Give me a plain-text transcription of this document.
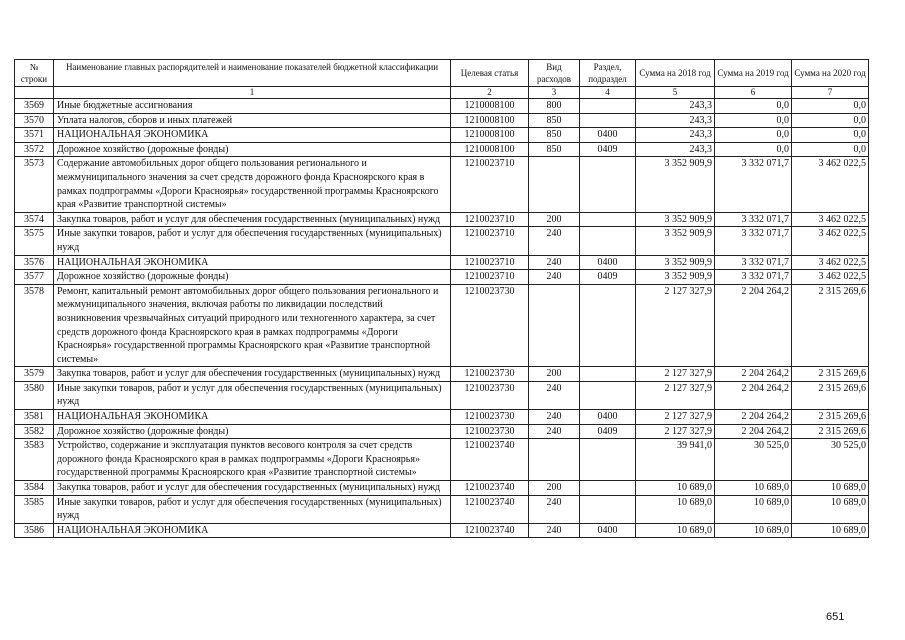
№ строки	Наименование главных распорядителей и наименование показателей бюджетной классификации	Целевая статья	Вид расходов	Раздел, подраздел	Сумма на 2018 год	Сумма на 2019 год	Сумма на 2020 год
	1	2	3	4	5	6	7
3569	Иные бюджетные ассигнования	1210008100	800		243,3	0,0	0,0
3570	Уплата налогов, сборов и иных платежей	1210008100	850		243,3	0,0	0,0
3571	НАЦИОНАЛЬНАЯ ЭКОНОМИКА	1210008100	850	0400	243,3	0,0	0,0
3572	Дорожное хозяйство (дорожные фонды)	1210008100	850	0409	243,3	0,0	0,0
3573	Содержание автомобильных дорог общего пользования регионального и межмуниципального значения за счет средств дорожного фонда Красноярского края в рамках подпрограммы «Дороги Красноярья» государственной программы Красноярского края «Развитие транспортной системы»	1210023710			3 352 909,9	3 332 071,7	3 462 022,5
3574	Закупка товаров, работ и услуг для обеспечения государственных (муниципальных) нужд	1210023710	200		3 352 909,9	3 332 071,7	3 462 022,5
3575	Иные закупки товаров, работ и услуг для обеспечения государственных (муниципальных) нужд	1210023710	240		3 352 909,9	3 332 071,7	3 462 022,5
3576	НАЦИОНАЛЬНАЯ ЭКОНОМИКА	1210023710	240	0400	3 352 909,9	3 332 071,7	3 462 022,5
3577	Дорожное хозяйство (дорожные фонды)	1210023710	240	0409	3 352 909,9	3 332 071,7	3 462 022,5
3578	Ремонт, капитальный ремонт автомобильных дорог общего пользования регионального и межмуниципального значения, включая работы по ликвидации последствий возникновения чрезвычайных ситуаций природного или техногенного характера, за счет средств дорожного фонда Красноярского края в рамках подпрограммы «Дороги Красноярья» государственной программы Красноярского края «Развитие транспортной системы»	1210023730			2 127 327,9	2 204 264,2	2 315 269,6
3579	Закупка товаров, работ и услуг для обеспечения государственных (муниципальных) нужд	1210023730	200		2 127 327,9	2 204 264,2	2 315 269,6
3580	Иные закупки товаров, работ и услуг для обеспечения государственных (муниципальных) нужд	1210023730	240		2 127 327,9	2 204 264,2	2 315 269,6
3581	НАЦИОНАЛЬНАЯ ЭКОНОМИКА	1210023730	240	0400	2 127 327,9	2 204 264,2	2 315 269,6
3582	Дорожное хозяйство (дорожные фонды)	1210023730	240	0409	2 127 327,9	2 204 264,2	2 315 269,6
3583	Устройство, содержание и эксплуатация пунктов весового контроля за счет средств дорожного фонда Красноярского края в рамках подпрограммы «Дороги Красноярья» государственной программы Красноярского края «Развитие транспортной системы»	1210023740			39 941,0	30 525,0	30 525,0
3584	Закупка товаров, работ и услуг для обеспечения государственных (муниципальных) нужд	1210023740	200		10 689,0	10 689,0	10 689,0
3585	Иные закупки товаров, работ и услуг для обеспечения государственных (муниципальных) нужд	1210023740	240		10 689,0	10 689,0	10 689,0
3586	НАЦИОНАЛЬНАЯ ЭКОНОМИКА	1210023740	240	0400	10 689,0	10 689,0	10 689,0
651
